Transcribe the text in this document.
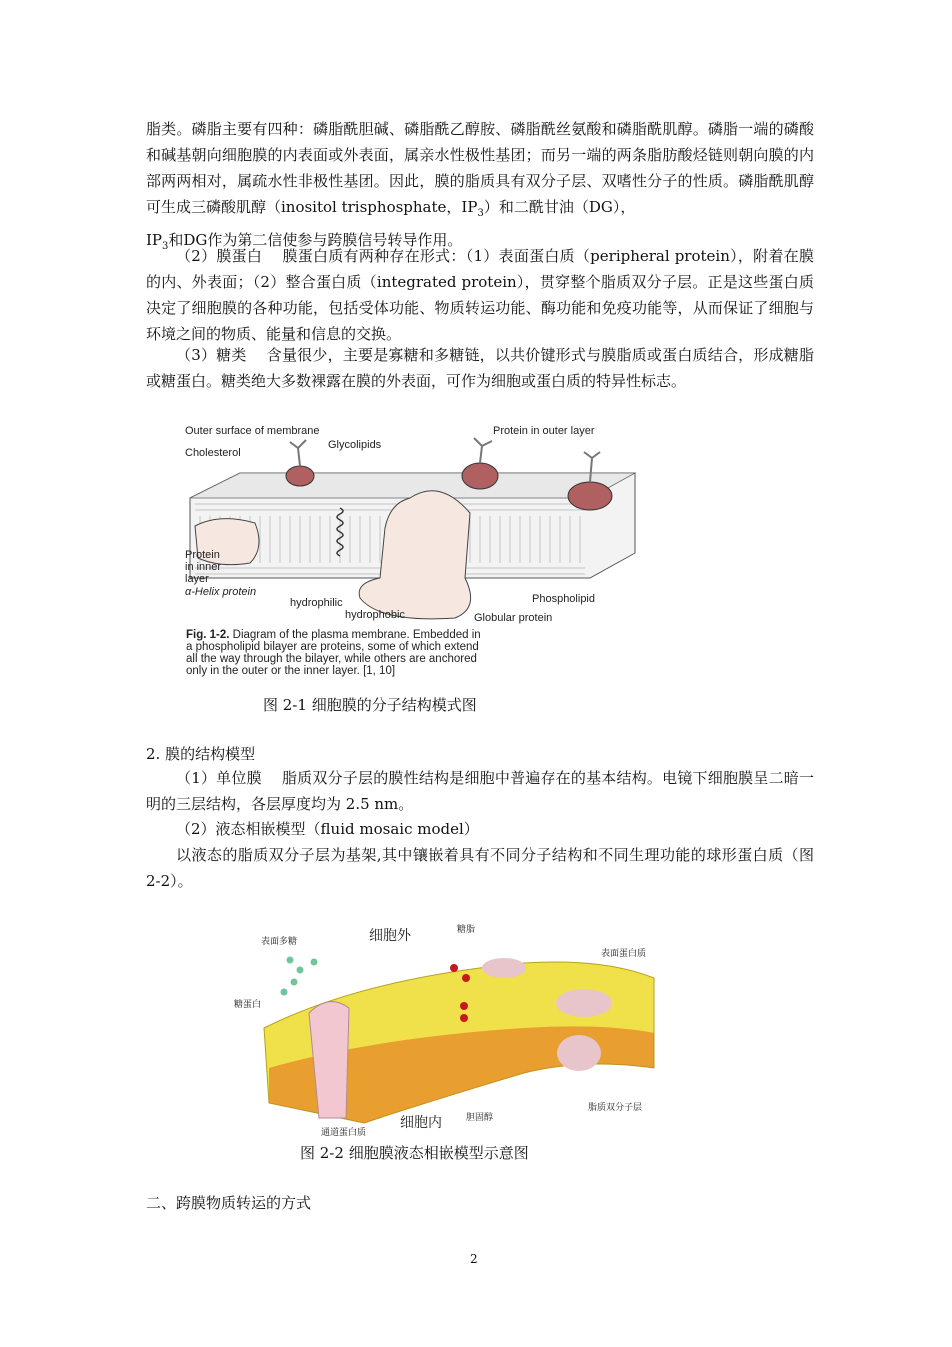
脂类。磷脂主要有四种：磷脂酰胆碱、磷脂酰乙醇胺、磷脂酰丝氨酸和磷脂酰肌醇。磷脂一端的磷酸和碱基朝向细胞膜的内表面或外表面，属亲水性极性基团；而另一端的两条脂肪酸烃链则朝向膜的内部两两相对，属疏水性非极性基团。因此，膜的脂质具有双分子层、双嗜性分子的性质。磷脂酰肌醇可生成三磷酸肌醇（inositol trisphosphate，$IP_3$）和二酰甘油（DG），
$IP_3$和DG作为第二信使参与跨膜信号转导作用。

（2）膜蛋白　 膜蛋白质有两种存在形式：（1）表面蛋白质（peripheral protein），附着在膜的内、外表面；（2）整合蛋白质（integrated protein），贯穿整个脂质双分子层。正是这些蛋白质决定了细胞膜的各种功能，包括受体功能、物质转运功能、酶功能和免疫功能等，从而保证了细胞与环境之间的物质、能量和信息的交换。

（3）糖类　 含量很少，主要是寡糖和多糖链，以共价键形式与膜脂质或蛋白质结合，形成糖脂或糖蛋白。糖类绝大多数裸露在膜的外表面，可作为细胞或蛋白质的特异性标志。

Outer surface of membrane
Glycolipids
Protein in outer layer
Cholesterol
Protein
in inner
layer
α-Helix protein
hydrophilic
hydrophobic
Phospholipid
Globular protein
Fig. 1-2. Diagram of the plasma membrane. Embedded in
a phospholipid bilayer are proteins, some of which extend
all the way through the bilayer, while others are anchored
only in the outer or the inner layer. [1, 10]
图 2-1 细胞膜的分子结构模式图
2. 膜的结构模型

（1）单位膜　 脂质双分子层的膜性结构是细胞中普遍存在的基本结构。电镜下细胞膜呈二暗一明的三层结构，各层厚度均为 2.5 nm。

（2）液态相嵌模型（fluid mosaic model）

以液态的脂质双分子层为基架,其中镶嵌着具有不同分子结构和不同生理功能的球形蛋白质（图 2-2）。

细胞外	糖脂
表面多糖
表面蛋白质
糖蛋白
脂质双分子层
胆固醇
细胞内
通道蛋白质
图 2-2 细胞膜液态相嵌模型示意图
二、跨膜物质转运的方式
2
